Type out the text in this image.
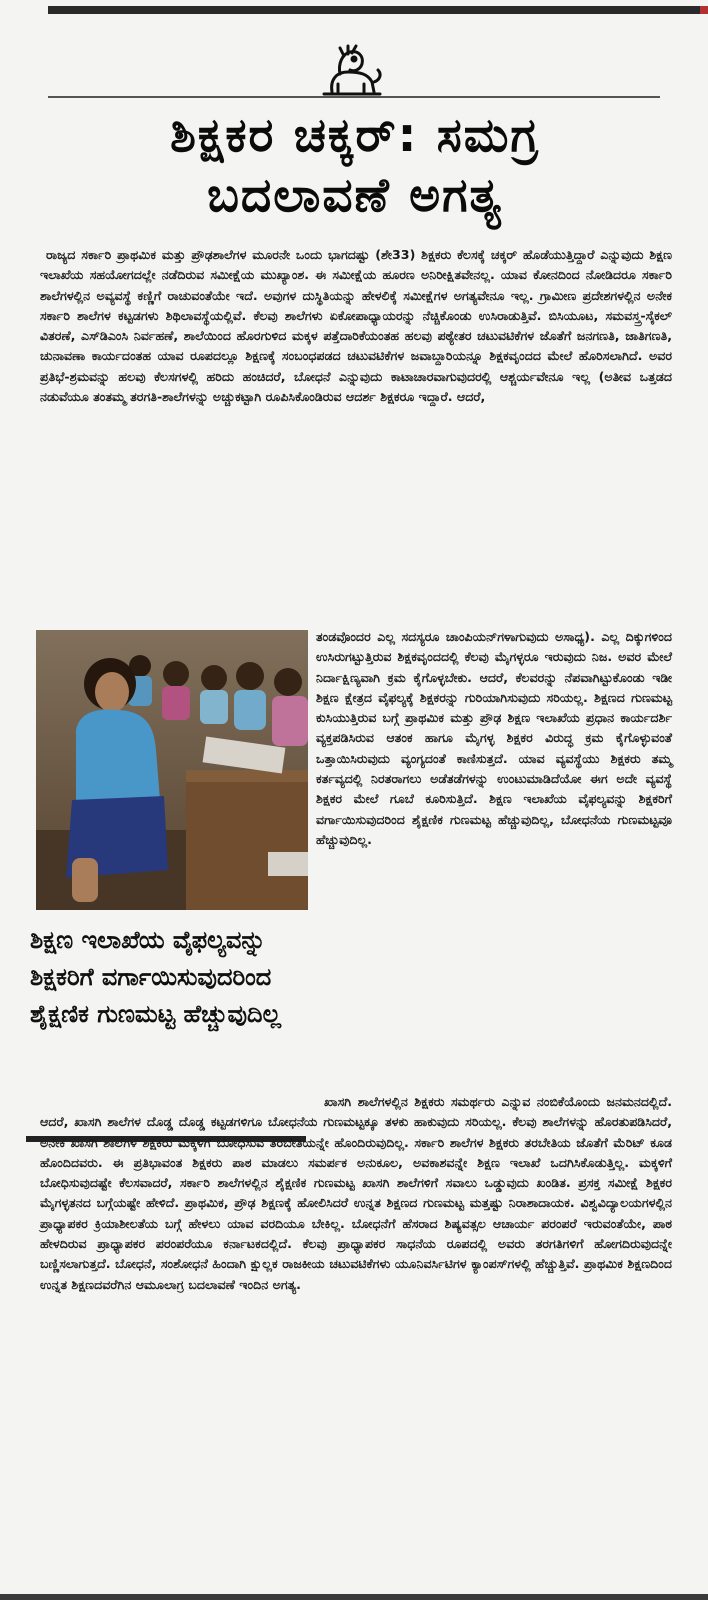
ಶಿಕ್ಷಕರ ಚಕ್ಕರ್: ಸಮಗ್ರ
ಬದಲಾವಣೆ ಅಗತ್ಯ

ರಾಜ್ಯದ ಸರ್ಕಾರಿ ಪ್ರಾಥಮಿಕ ಮತ್ತು ಪ್ರೌಢಶಾಲೆಗಳ ಮೂರನೇ ಒಂದು ಭಾಗದಷ್ಟು (ಶೇ33) ಶಿಕ್ಷಕರು ಕೆಲಸಕ್ಕೆ ಚಕ್ಕರ್ ಹೊಡೆಯುತ್ತಿದ್ದಾರೆ ಎನ್ನುವುದು ಶಿಕ್ಷಣ ಇಲಾಖೆಯ ಸಹಯೋಗದಲ್ಲೇ ನಡೆದಿರುವ ಸಮೀಕ್ಷೆಯ ಮುಖ್ಯಾಂಶ. ಈ ಸಮೀಕ್ಷೆಯ ಹೂರಣ ಅನಿರೀಕ್ಷಿತವೇನಲ್ಲ. ಯಾವ ಕೋನದಿಂದ ನೋಡಿದರೂ ಸರ್ಕಾರಿ ಶಾಲೆಗಳಲ್ಲಿನ ಅವ್ಯವಸ್ಥೆ ಕಣ್ಣಿಗೆ ರಾಚುವಂತೆಯೇ ಇದೆ. ಅವುಗಳ ದುಸ್ಥಿತಿಯನ್ನು ಹೇಳಲಿಕ್ಕೆ ಸಮೀಕ್ಷೆಗಳ ಅಗತ್ಯವೇನೂ ಇಲ್ಲ. ಗ್ರಾಮೀಣ ಪ್ರದೇಶಗಳಲ್ಲಿನ ಅನೇಕ ಸರ್ಕಾರಿ ಶಾಲೆಗಳ ಕಟ್ಟಡಗಳು ಶಿಥಿಲಾವಸ್ಥೆಯಲ್ಲಿವೆ. ಕೆಲವು ಶಾಲೆಗಳು ಏಕೋಪಾಧ್ಯಾಯರನ್ನು ನೆಚ್ಚಿಕೊಂಡು ಉಸಿರಾಡುತ್ತಿವೆ. ಬಿಸಿಯೂಟ, ಸಮವಸ್ತ್ರ-ಸೈಕಲ್ ವಿತರಣೆ, ಎಸ್‌ಡಿಎಂಸಿ ನಿರ್ವಹಣೆ, ಶಾಲೆಯಿಂದ ಹೊರಗುಳಿದ ಮಕ್ಕಳ ಪತ್ತೆದಾರಿಕೆಯಂತಹ ಹಲವು ಪಠ್ಯೇತರ ಚಟುವಟಿಕೆಗಳ ಜೊತೆಗೆ ಜನಗಣತಿ, ಜಾತಿಗಣತಿ, ಚುನಾವಣಾ ಕಾರ್ಯದಂತಹ ಯಾವ ರೂಪದಲ್ಲೂ ಶಿಕ್ಷಣಕ್ಕೆ ಸಂಬಂಧಪಡದ ಚಟುವಟಿಕೆಗಳ ಜವಾಬ್ದಾರಿಯನ್ನೂ ಶಿಕ್ಷಕವೃಂದದ ಮೇಲೆ ಹೊರಿಸಲಾಗಿದೆ. ಅವರ ಪ್ರತಿಭೆ-ಶ್ರಮವನ್ನು ಹಲವು ಕೆಲಸಗಳಲ್ಲಿ ಹರಿದು ಹಂಚಿದರೆ, ಬೋಧನೆ ಎನ್ನುವುದು ಕಾಟಾಚಾರವಾಗುವುದರಲ್ಲಿ ಆಶ್ಚರ್ಯವೇನೂ ಇಲ್ಲ (ಅತೀವ ಒತ್ತಡದ ನಡುವೆಯೂ ತಂತಮ್ಮ ತರಗತಿ-ಶಾಲೆಗಳನ್ನು ಅಚ್ಚುಕಟ್ಟಾಗಿ ರೂಪಿಸಿಕೊಂಡಿರುವ ಆದರ್ಶ ಶಿಕ್ಷಕರೂ ಇದ್ದಾರೆ. ಆದರೆ,

ತಂಡವೊಂದರ ಎಲ್ಲ ಸದಸ್ಯರೂ ಚಾಂಪಿಯನ್‌ಗಳಾಗುವುದು ಅಸಾಧ್ಯ). ಎಲ್ಲ ದಿಕ್ಕುಗಳಿಂದ ಉಸಿರುಗಟ್ಟುತ್ತಿರುವ ಶಿಕ್ಷಕವೃಂದದಲ್ಲಿ ಕೆಲವು ಮೈಗಳ್ಳರೂ ಇರುವುದು ನಿಜ. ಅವರ ಮೇಲೆ ನಿರ್ದಾಕ್ಷಿಣ್ಯವಾಗಿ ಕ್ರಮ ಕೈಗೊಳ್ಳಬೇಕು. ಆದರೆ, ಕೆಲವರನ್ನು ನೆಪವಾಗಿಟ್ಟುಕೊಂಡು ಇಡೀ ಶಿಕ್ಷಣ ಕ್ಷೇತ್ರದ ವೈಫಲ್ಯಕ್ಕೆ ಶಿಕ್ಷಕರನ್ನು ಗುರಿಯಾಗಿಸುವುದು ಸರಿಯಲ್ಲ. ಶಿಕ್ಷಣದ ಗುಣಮಟ್ಟ ಕುಸಿಯುತ್ತಿರುವ ಬಗ್ಗೆ ಪ್ರಾಥಮಿಕ ಮತ್ತು ಪ್ರೌಢ ಶಿಕ್ಷಣ ಇಲಾಖೆಯ ಪ್ರಧಾನ ಕಾರ್ಯದರ್ಶಿ ವ್ಯಕ್ತಪಡಿಸಿರುವ ಆತಂಕ ಹಾಗೂ ಮೈಗಳ್ಳ ಶಿಕ್ಷಕರ ವಿರುದ್ಧ ಕ್ರಮ ಕೈಗೊಳ್ಳುವಂತೆ ಒತ್ತಾಯಿಸಿರುವುದು ವ್ಯಂಗ್ಯದಂತೆ ಕಾಣಿಸುತ್ತದೆ. ಯಾವ ವ್ಯವಸ್ಥೆಯು ಶಿಕ್ಷಕರು ತಮ್ಮ ಕರ್ತವ್ಯದಲ್ಲಿ ನಿರತರಾಗಲು ಅಡೆತಡೆಗಳನ್ನು ಉಂಟುಮಾಡಿದೆಯೋ ಈಗ ಅದೇ ವ್ಯವಸ್ಥೆ ಶಿಕ್ಷಕರ ಮೇಲೆ ಗೂಬೆ ಕೂರಿಸುತ್ತಿದೆ. ಶಿಕ್ಷಣ ಇಲಾಖೆಯ ವೈಫಲ್ಯವನ್ನು ಶಿಕ್ಷಕರಿಗೆ ವರ್ಗಾಯಿಸುವುದರಿಂದ ಶೈಕ್ಷಣಿಕ ಗುಣಮಟ್ಟ ಹೆಚ್ಚುವುದಿಲ್ಲ, ಬೋಧನೆಯ ಗುಣಮಟ್ಟವೂ ಹೆಚ್ಚುವುದಿಲ್ಲ.

ಶಿಕ್ಷಣ ಇಲಾಖೆಯ ವೈಫಲ್ಯವನ್ನು ಶಿಕ್ಷಕರಿಗೆ ವರ್ಗಾಯಿಸುವುದರಿಂದ ಶೈಕ್ಷಣಿಕ ಗುಣಮಟ್ಟ ಹೆಚ್ಚುವುದಿಲ್ಲ

ಖಾಸಗಿ ಶಾಲೆಗಳಲ್ಲಿನ ಶಿಕ್ಷಕರು ಸಮರ್ಥರು ಎನ್ನುವ ನಂಬಿಕೆಯೊಂದು ಜನಮನದಲ್ಲಿದೆ. ಆದರೆ, ಖಾಸಗಿ ಶಾಲೆಗಳ ದೊಡ್ಡ ದೊಡ್ಡ ಕಟ್ಟಡಗಳಿಗೂ ಬೋಧನೆಯ ಗುಣಮಟ್ಟಕ್ಕೂ ತಳಕು ಹಾಕುವುದು ಸರಿಯಲ್ಲ. ಕೆಲವು ಶಾಲೆಗಳನ್ನು ಹೊರತುಪಡಿಸಿದರೆ, ಅನೇಕ ಖಾಸಗಿ ಶಾಲೆಗಳ ಶಿಕ್ಷಕರು ಮಕ್ಕಳಿಗೆ ಬೋಧಿಸುವ ತರಬೇತಿಯನ್ನೇ ಹೊಂದಿರುವುದಿಲ್ಲ. ಸರ್ಕಾರಿ ಶಾಲೆಗಳ ಶಿಕ್ಷಕರು ತರಬೇತಿಯ ಜೊತೆಗೆ ಮೆರಿಟ್ ಕೂಡ ಹೊಂದಿದವರು. ಈ ಪ್ರತಿಭಾವಂತ ಶಿಕ್ಷಕರು ಪಾಠ ಮಾಡಲು ಸಮರ್ಪಕ ಅನುಕೂಲ, ಅವಕಾಶವನ್ನೇ ಶಿಕ್ಷಣ ಇಲಾಖೆ ಒದಗಿಸಿಕೊಡುತ್ತಿಲ್ಲ. ಮಕ್ಕಳಿಗೆ ಬೋಧಿಸುವುದಷ್ಟೇ ಕೆಲಸವಾದರೆ, ಸರ್ಕಾರಿ ಶಾಲೆಗಳಲ್ಲಿನ ಶೈಕ್ಷಣಿಕ ಗುಣಮಟ್ಟ ಖಾಸಗಿ ಶಾಲೆಗಳಿಗೆ ಸವಾಲು ಒಡ್ಡುವುದು ಖಂಡಿತ. ಪ್ರಸಕ್ತ ಸಮೀಕ್ಷೆ ಶಿಕ್ಷಕರ ಮೈಗಳ್ಳತನದ ಬಗ್ಗೆಯಷ್ಟೇ ಹೇಳಿದೆ. ಪ್ರಾಥಮಿಕ, ಪ್ರೌಢ ಶಿಕ್ಷಣಕ್ಕೆ ಹೋಲಿಸಿದರೆ ಉನ್ನತ ಶಿಕ್ಷಣದ ಗುಣಮಟ್ಟ ಮತ್ತಷ್ಟು ನಿರಾಶಾದಾಯಕ. ವಿಶ್ವವಿದ್ಯಾಲಯಗಳಲ್ಲಿನ ಪ್ರಾಧ್ಯಾಪಕರ ಕ್ರಿಯಾಶೀಲತೆಯ ಬಗ್ಗೆ ಹೇಳಲು ಯಾವ ವರದಿಯೂ ಬೇಕಿಲ್ಲ. ಬೋಧನೆಗೆ ಹೆಸರಾದ ಶಿಷ್ಯವತ್ಸಲ ಆಚಾರ್ಯ ಪರಂಪರೆ ಇರುವಂತೆಯೇ, ಪಾಠ ಹೇಳದಿರುವ ಪ್ರಾಧ್ಯಾಪಕರ ಪರಂಪರೆಯೂ ಕರ್ನಾಟಕದಲ್ಲಿದೆ. ಕೆಲವು ಪ್ರಾಧ್ಯಾಪಕರ ಸಾಧನೆಯ ರೂಪದಲ್ಲಿ ಅವರು ತರಗತಿಗಳಿಗೆ ಹೋಗದಿರುವುದನ್ನೇ ಬಣ್ಣಿಸಲಾಗುತ್ತದೆ. ಬೋಧನೆ, ಸಂಶೋಧನೆ ಹಿಂದಾಗಿ ಕ್ಷುಲ್ಲಕ ರಾಜಕೀಯ ಚಟುವಟಿಕೆಗಳು ಯೂನಿವರ್ಸಿಟಿಗಳ ಕ್ಯಾಂಪಸ್‌ಗಳಲ್ಲಿ ಹೆಚ್ಚುತ್ತಿವೆ. ಪ್ರಾಥಮಿಕ ಶಿಕ್ಷಣದಿಂದ ಉನ್ನತ ಶಿಕ್ಷಣದವರೆಗಿನ ಆಮೂಲಾಗ್ರ ಬದಲಾವಣೆ ಇಂದಿನ ಅಗತ್ಯ.
